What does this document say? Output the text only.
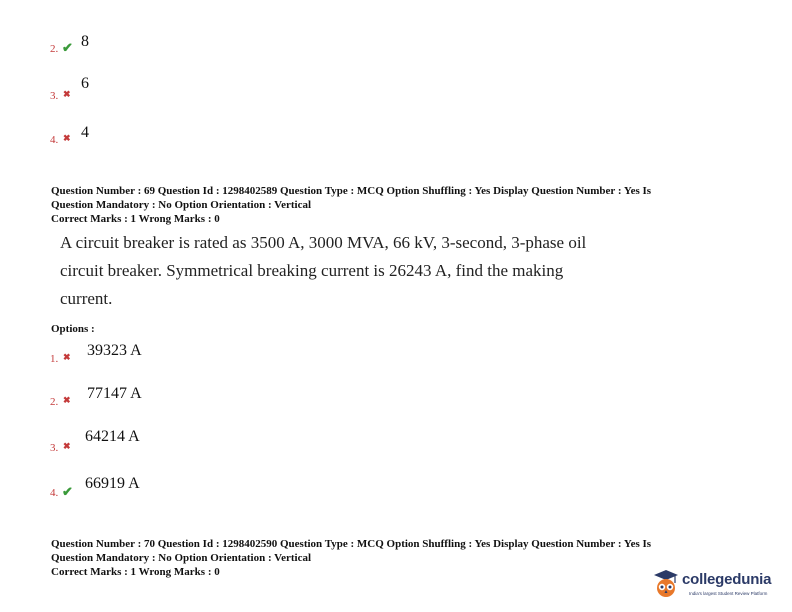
2. ✔ 8
3. ✖
6
4. ✖ 4
Question Number : 69 Question Id : 1298402589 Question Type : MCQ Option Shuffling : Yes Display Question Number : Yes Is
Question Mandatory : No Option Orientation : Vertical
Correct Marks : 1 Wrong Marks : 0
A circuit breaker is rated as 3500 A, 3000 MVA, 66 kV, 3-second, 3-phase oil
circuit breaker. Symmetrical breaking current is 26243 A, find the making
current.
Options :
1. ✖ 39323 A
2. ✖ 77147 A
3. ✖
64214 A
4. ✔ 66919 A
Question Number : 70 Question Id : 1298402590 Question Type : MCQ Option Shuffling : Yes Display Question Number : Yes Is
Question Mandatory : No Option Orientation : Vertical
Correct Marks : 1 Wrong Marks : 0	collegedunia
India's largest Student Review Platform
